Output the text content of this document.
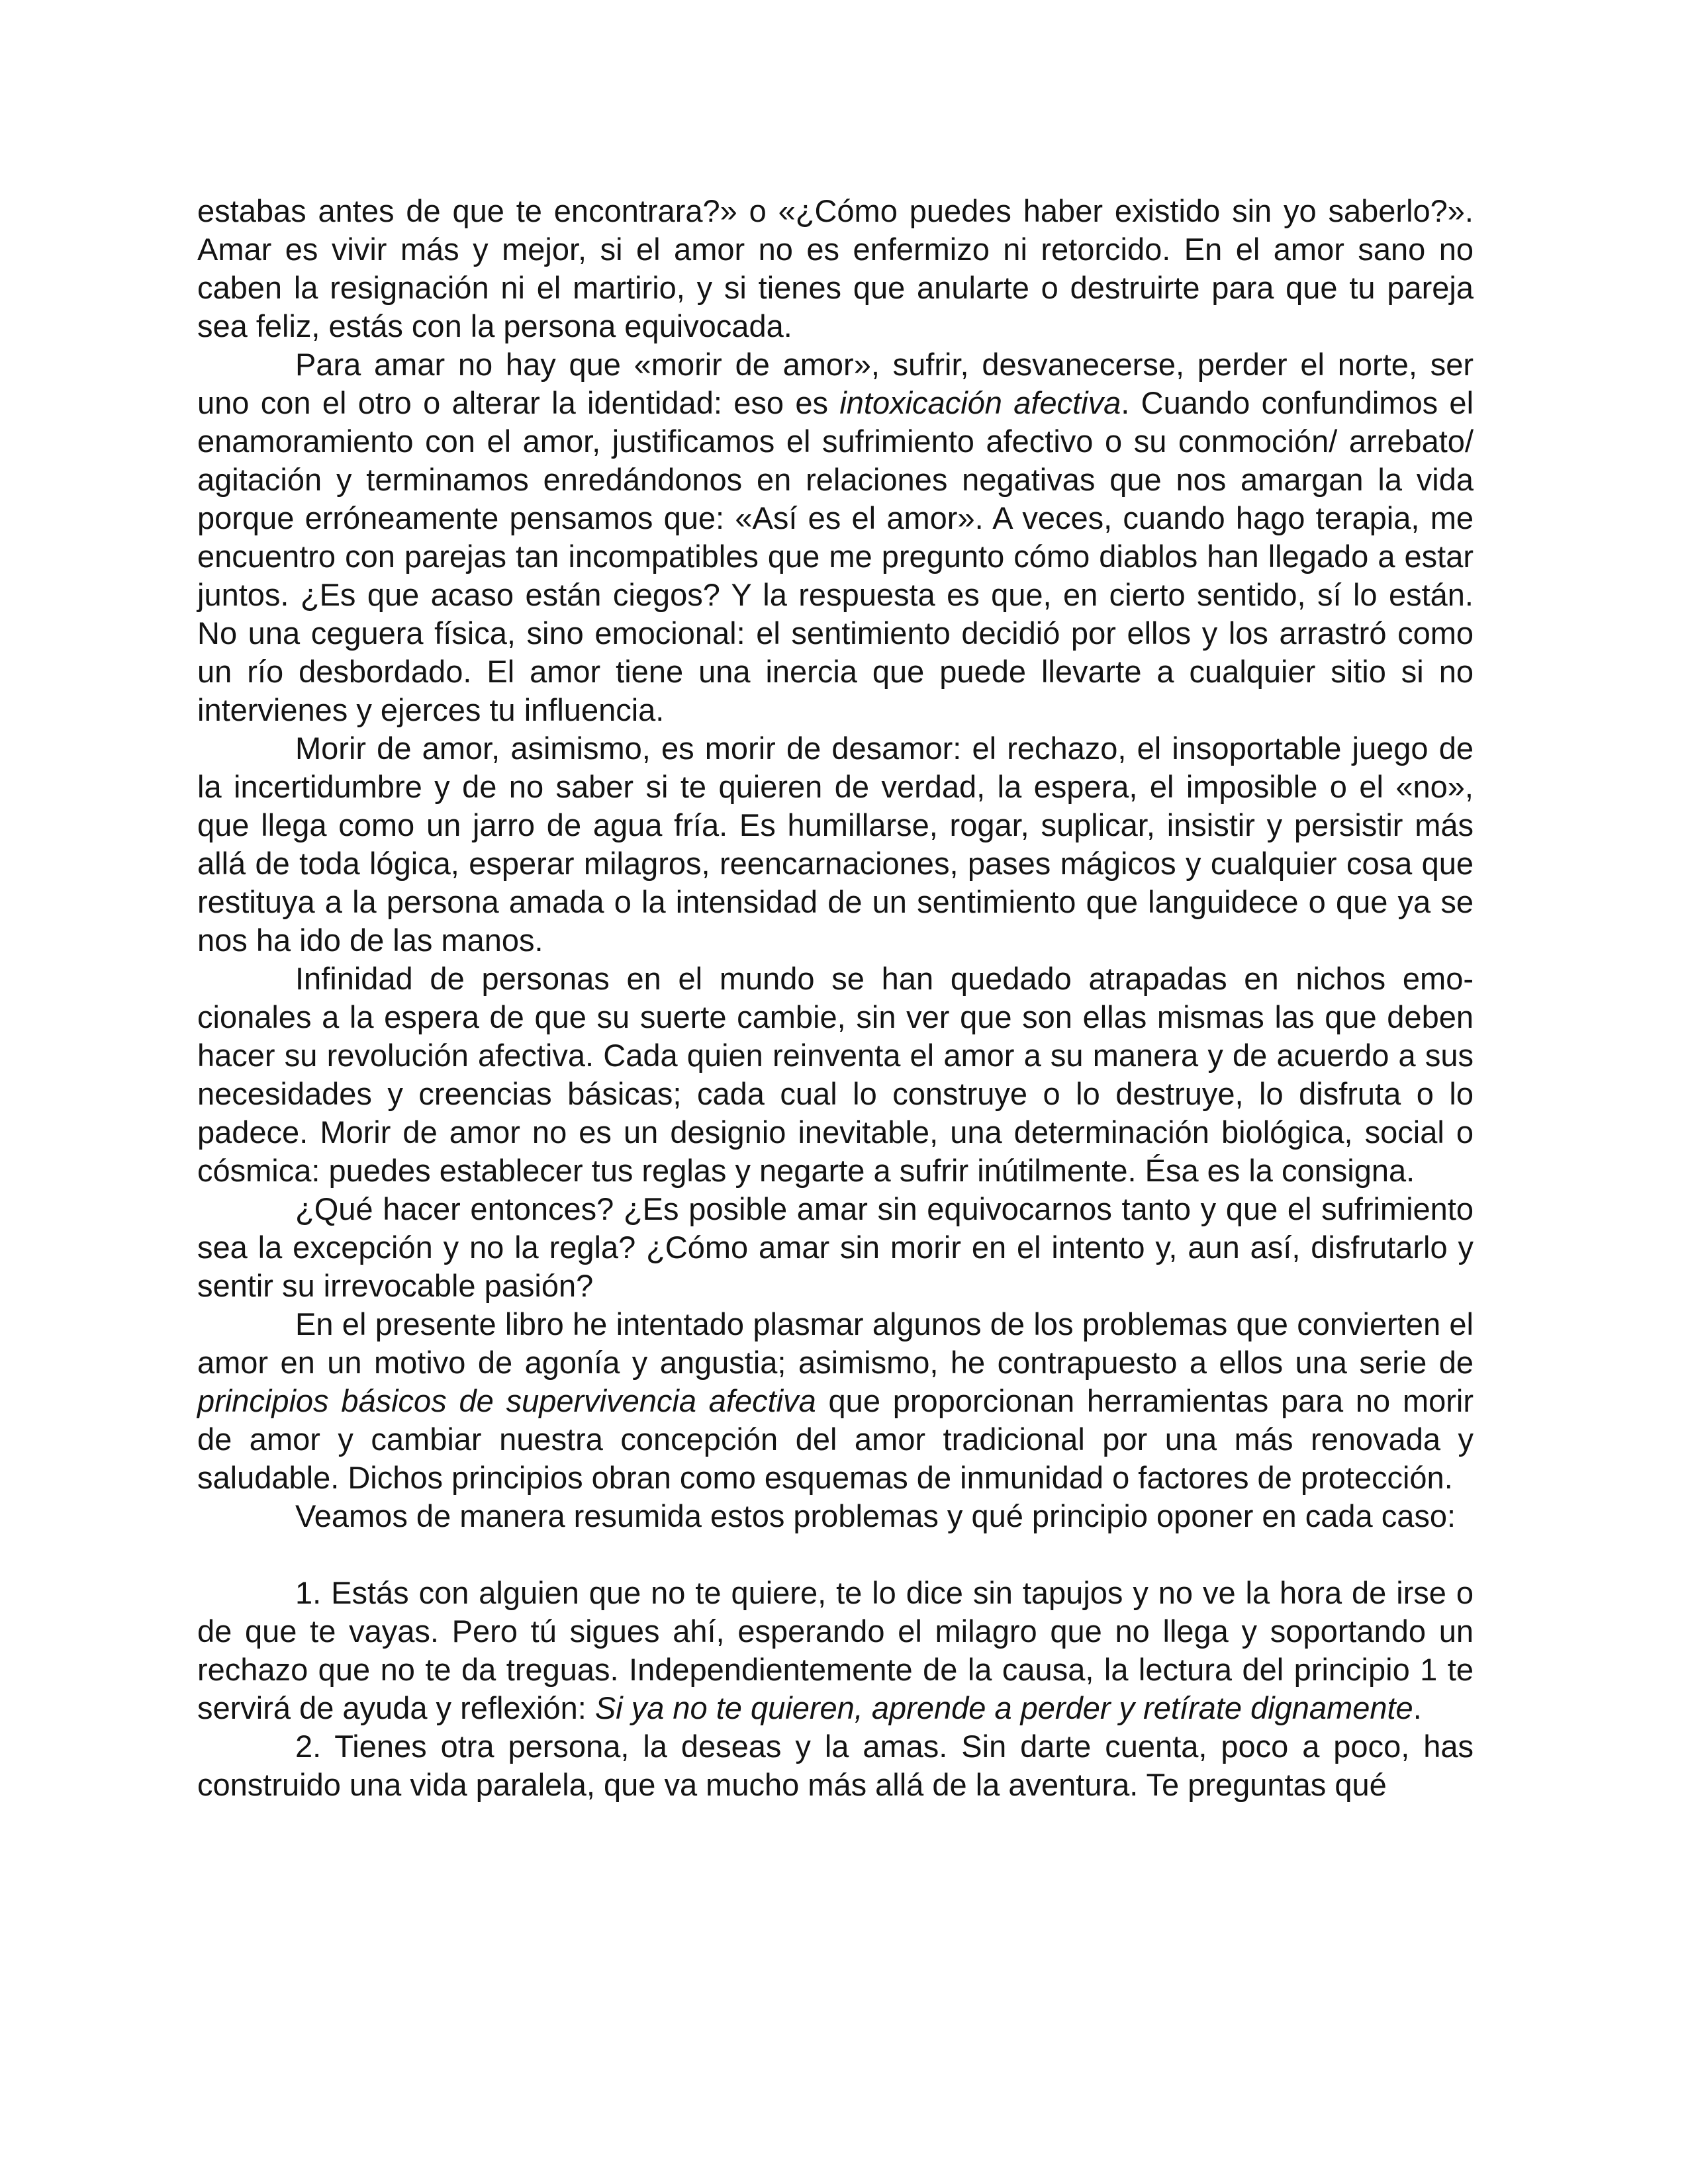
estabas antes de que te encontrara?» o «¿Cómo puedes haber existido sin yo saberlo?». Amar es vivir más y mejor, si el amor no es enfermizo ni retorcido. En el amor sano no caben la resignación ni el martirio, y si tienes que anularte o destruirte para que tu pareja sea feliz, estás con la persona equivocada.

Para amar no hay que «morir de amor», sufrir, desvanecerse, perder el norte, ser uno con el otro o alterar la identidad: eso es intoxicación afectiva. Cuando confundimos el enamoramiento con el amor, justificamos el sufrimiento afectivo o su conmoción/ arrebato/ agitación y terminamos enredándonos en relaciones negativas que nos amargan la vida porque erróneamente pensamos que: «Así es el amor». A veces, cuando hago terapia, me encuentro con parejas tan incompatibles que me pregunto cómo diablos han llegado a estar juntos. ¿Es que acaso están ciegos? Y la respuesta es que, en cierto sentido, sí lo están. No una ceguera física, sino emocional: el sentimiento decidió por ellos y los arrastró como un río desbordado. El amor tiene una inercia que puede llevarte a cualquier sitio si no intervienes y ejerces tu influencia.

Morir de amor, asimismo, es morir de desamor: el rechazo, el insoportable juego de la incertidumbre y de no saber si te quieren de verdad, la espera, el imposible o el «no», que llega como un jarro de agua fría. Es humillarse, rogar, suplicar, insistir y persistir más allá de toda lógica, esperar milagros, reencarnaciones, pases mágicos y cualquier cosa que restituya a la persona amada o la intensidad de un sentimiento que languidece o que ya se nos ha ido de las manos.

Infinidad de personas en el mundo se han quedado atrapadas en nichos emocionales a la espera de que su suerte cambie, sin ver que son ellas mismas las que deben hacer su revolución afectiva. Cada quien reinventa el amor a su manera y de acuerdo a sus necesidades y creencias básicas; cada cual lo construye o lo destruye, lo disfruta o lo padece. Morir de amor no es un designio inevitable, una determinación biológica, social o cósmica: puedes establecer tus reglas y negarte a sufrir inútilmente. Ésa es la consigna.

¿Qué hacer entonces? ¿Es posible amar sin equivocarnos tanto y que el sufrimiento sea la excepción y no la regla? ¿Cómo amar sin morir en el intento y, aun así, disfrutarlo y sentir su irrevocable pasión?

En el presente libro he intentado plasmar algunos de los problemas que convierten el amor en un motivo de agonía y angustia; asimismo, he contrapuesto a ellos una serie de principios básicos de supervivencia afectiva que proporcionan herramientas para no morir de amor y cambiar nuestra concepción del amor tradicional por una más renovada y saludable. Dichos principios obran como esquemas de inmunidad o factores de protección.

Veamos de manera resumida estos problemas y qué principio oponer en cada caso:

1. Estás con alguien que no te quiere, te lo dice sin tapujos y no ve la hora de irse o de que te vayas. Pero tú sigues ahí, esperando el milagro que no llega y soportando un rechazo que no te da treguas. Independientemente de la causa, la lectura del principio 1 te servirá de ayuda y reflexión: Si ya no te quieren, aprende a perder y retírate dignamente.

2. Tienes otra persona, la deseas y la amas. Sin darte cuenta, poco a poco, has construido una vida paralela, que va mucho más allá de la aventura. Te preguntas qué
